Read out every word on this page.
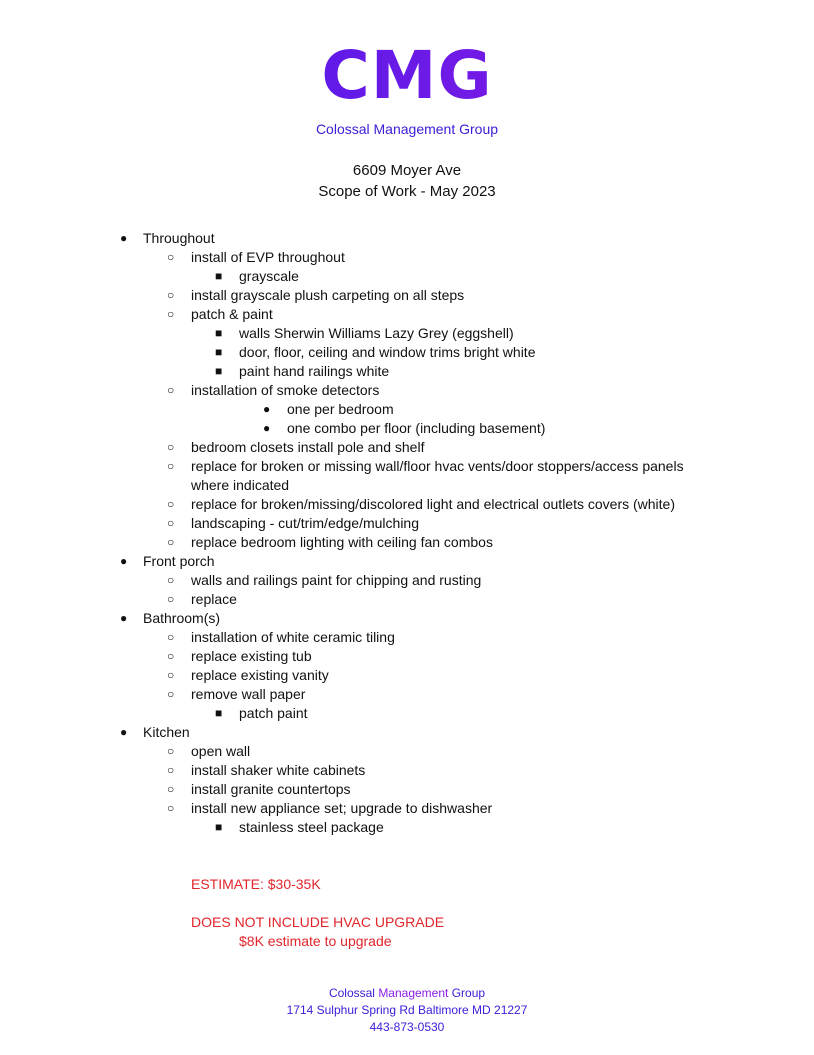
CMG
Colossal Management Group
6609 Moyer Ave
Scope of Work - May 2023
● Throughout
○ install of EVP throughout
■ grayscale
○ install grayscale plush carpeting on all steps
○ patch & paint
■ walls Sherwin Williams Lazy Grey (eggshell)
■ door, floor, ceiling and window trims bright white
■ paint hand railings white
○ installation of smoke detectors
● one per bedroom
● one combo per floor (including basement)
○ bedroom closets install pole and shelf
○ replace for broken or missing wall/floor hvac vents/door stoppers/access panels where indicated
○ replace for broken/missing/discolored light and electrical outlets covers (white)
○ landscaping - cut/trim/edge/mulching
○ replace bedroom lighting with ceiling fan combos
● Front porch
○ walls and railings paint for chipping and rusting
○ replace
● Bathroom(s)
○ installation of white ceramic tiling
○ replace existing tub
○ replace existing vanity
○ remove wall paper
■ patch paint
● Kitchen
○ open wall
○ install shaker white cabinets
○ install granite countertops
○ install new appliance set; upgrade to dishwasher
■ stainless steel package
ESTIMATE: $30-35K
DOES NOT INCLUDE HVAC UPGRADE
$8K estimate to upgrade
Colossal Management Group
1714 Sulphur Spring Rd Baltimore MD 21227
443-873-0530
